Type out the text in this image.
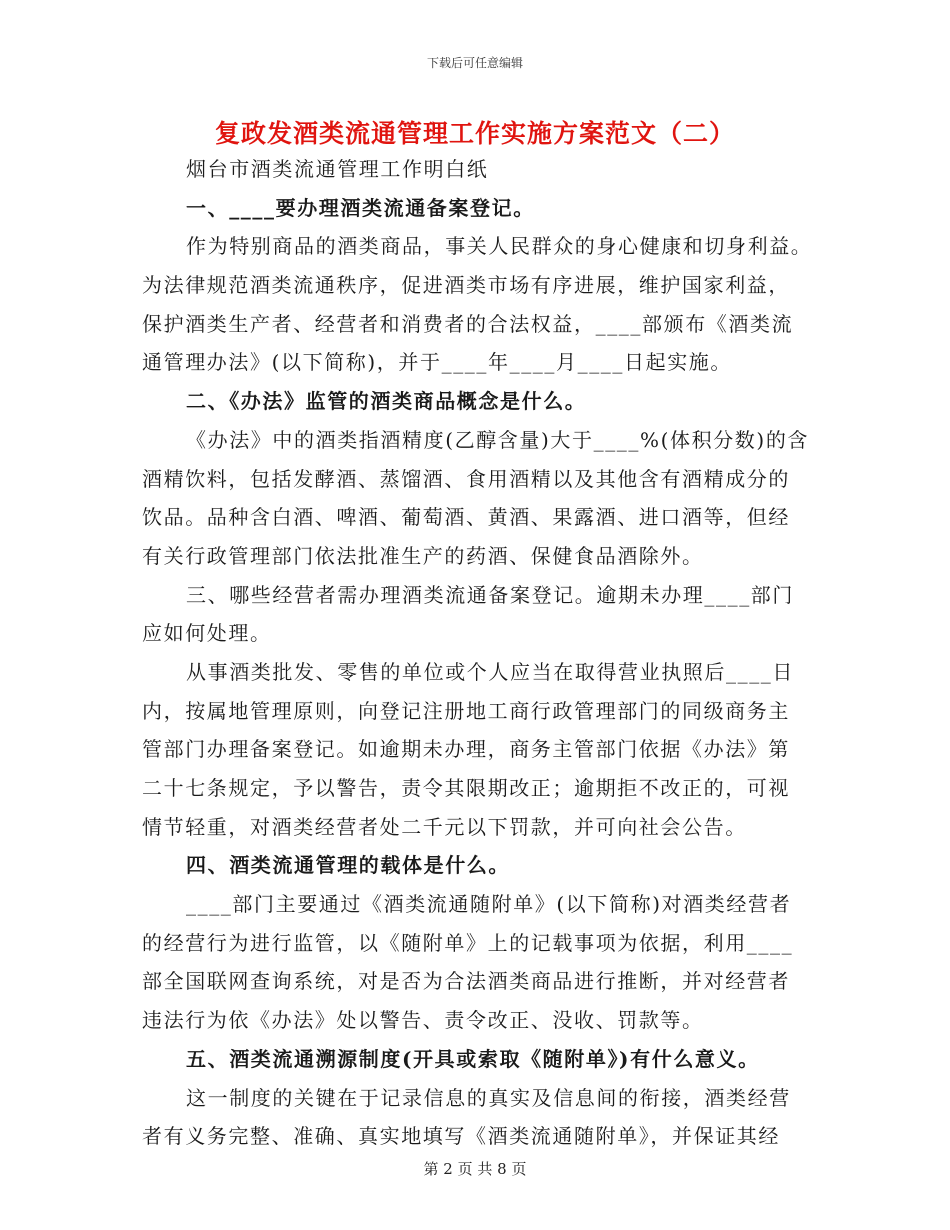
下载后可任意编辑
复政发酒类流通管理工作实施方案范文（二）
烟台市酒类流通管理工作明白纸
一、____要办理酒类流通备案登记。
作为特别商品的酒类商品，事关人民群众的身心健康和切身利益。
为法律规范酒类流通秩序，促进酒类市场有序进展，维护国家利益，
保护酒类生产者、经营者和消费者的合法权益，____部颁布《酒类流
通管理办法》(以下简称)，并于____年____月____日起实施。
二、《办法》监管的酒类商品概念是什么。
《办法》中的酒类指酒精度(乙醇含量)大于____%(体积分数)的含
酒精饮料，包括发酵酒、蒸馏酒、食用酒精以及其他含有酒精成分的
饮品。品种含白酒、啤酒、葡萄酒、黄酒、果露酒、进口酒等，但经
有关行政管理部门依法批准生产的药酒、保健食品酒除外。
三、哪些经营者需办理酒类流通备案登记。逾期未办理____部门
应如何处理。
从事酒类批发、零售的单位或个人应当在取得营业执照后____日
内，按属地管理原则，向登记注册地工商行政管理部门的同级商务主
管部门办理备案登记。如逾期未办理，商务主管部门依据《办法》第
二十七条规定，予以警告，责令其限期改正；逾期拒不改正的，可视
情节轻重，对酒类经营者处二千元以下罚款，并可向社会公告。
四、酒类流通管理的载体是什么。
____部门主要通过《酒类流通随附单》(以下简称)对酒类经营者
的经营行为进行监管，以《随附单》上的记载事项为依据，利用____
部全国联网查询系统，对是否为合法酒类商品进行推断，并对经营者
违法行为依《办法》处以警告、责令改正、没收、罚款等。
五、酒类流通溯源制度(开具或索取《随附单》)有什么意义。
这一制度的关键在于记录信息的真实及信息间的衔接，酒类经营
者有义务完整、准确、真实地填写《酒类流通随附单》，并保证其经
第 2 页 共 8 页
